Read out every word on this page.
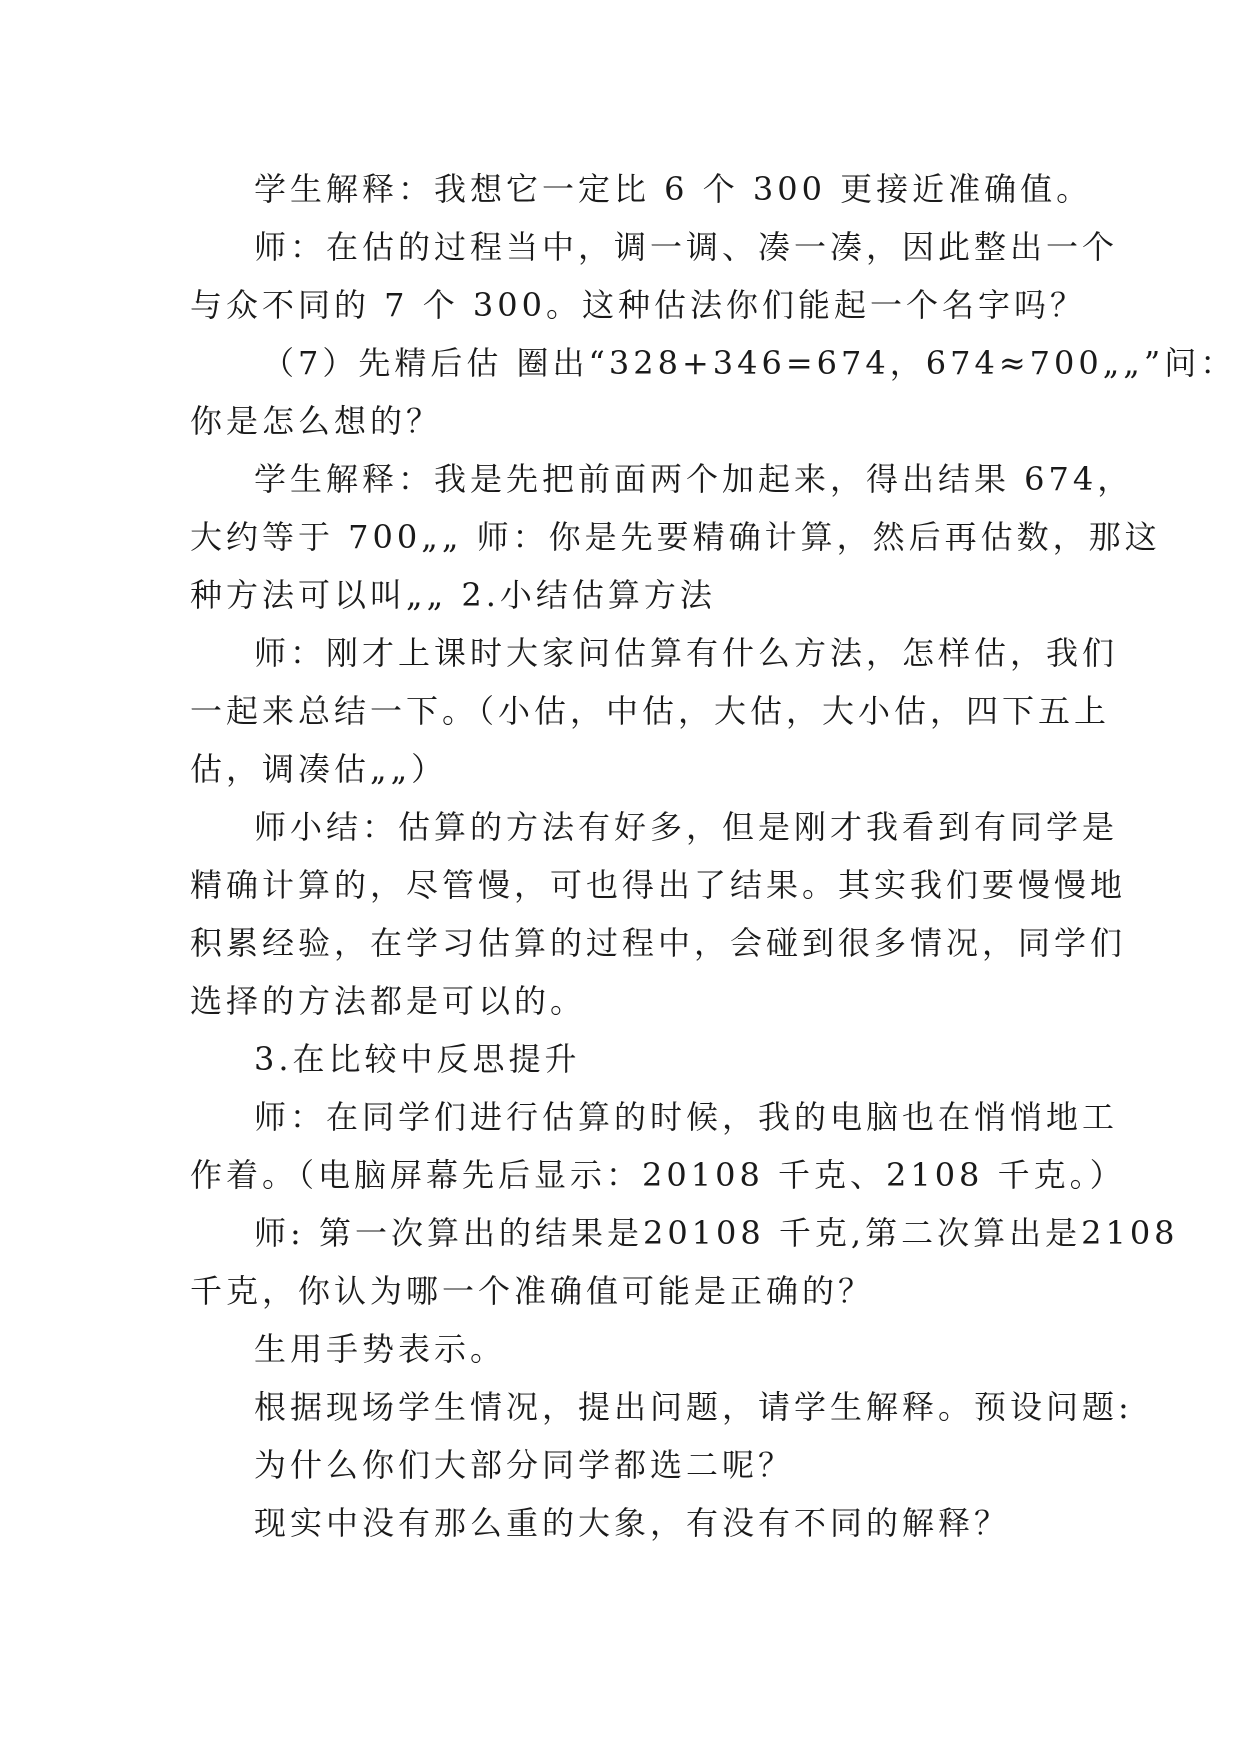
学生解释：我想它一定比 6 个 300 更接近准确值。
师：在估的过程当中，调一调、凑一凑，因此整出一个
与众不同的 7 个 300。这种估法你们能起一个名字吗？
（7）先精后估 圈出“328+346=674，674≈700„„”问：
你是怎么想的？
学生解释：我是先把前面两个加起来，得出结果 674，
大约等于 700„„ 师：你是先要精确计算，然后再估数，那这
种方法可以叫„„ 2.小结估算方法
师：刚才上课时大家问估算有什么方法，怎样估，我们
一起来总结一下。（小估，中估，大估，大小估，四下五上
估，调凑估„„）
师小结：估算的方法有好多，但是刚才我看到有同学是
精确计算的，尽管慢，可也得出了结果。其实我们要慢慢地
积累经验，在学习估算的过程中，会碰到很多情况，同学们
选择的方法都是可以的。
3.在比较中反思提升
师：在同学们进行估算的时候，我的电脑也在悄悄地工
作着。（电脑屏幕先后显示：20108 千克、2108 千克。）
师: 第一次算出的结果是20108 千克,第二次算出是2108
千克，你认为哪一个准确值可能是正确的？
生用手势表示。
根据现场学生情况，提出问题，请学生解释。预设问题:
为什么你们大部分同学都选二呢？
现实中没有那么重的大象，有没有不同的解释？
